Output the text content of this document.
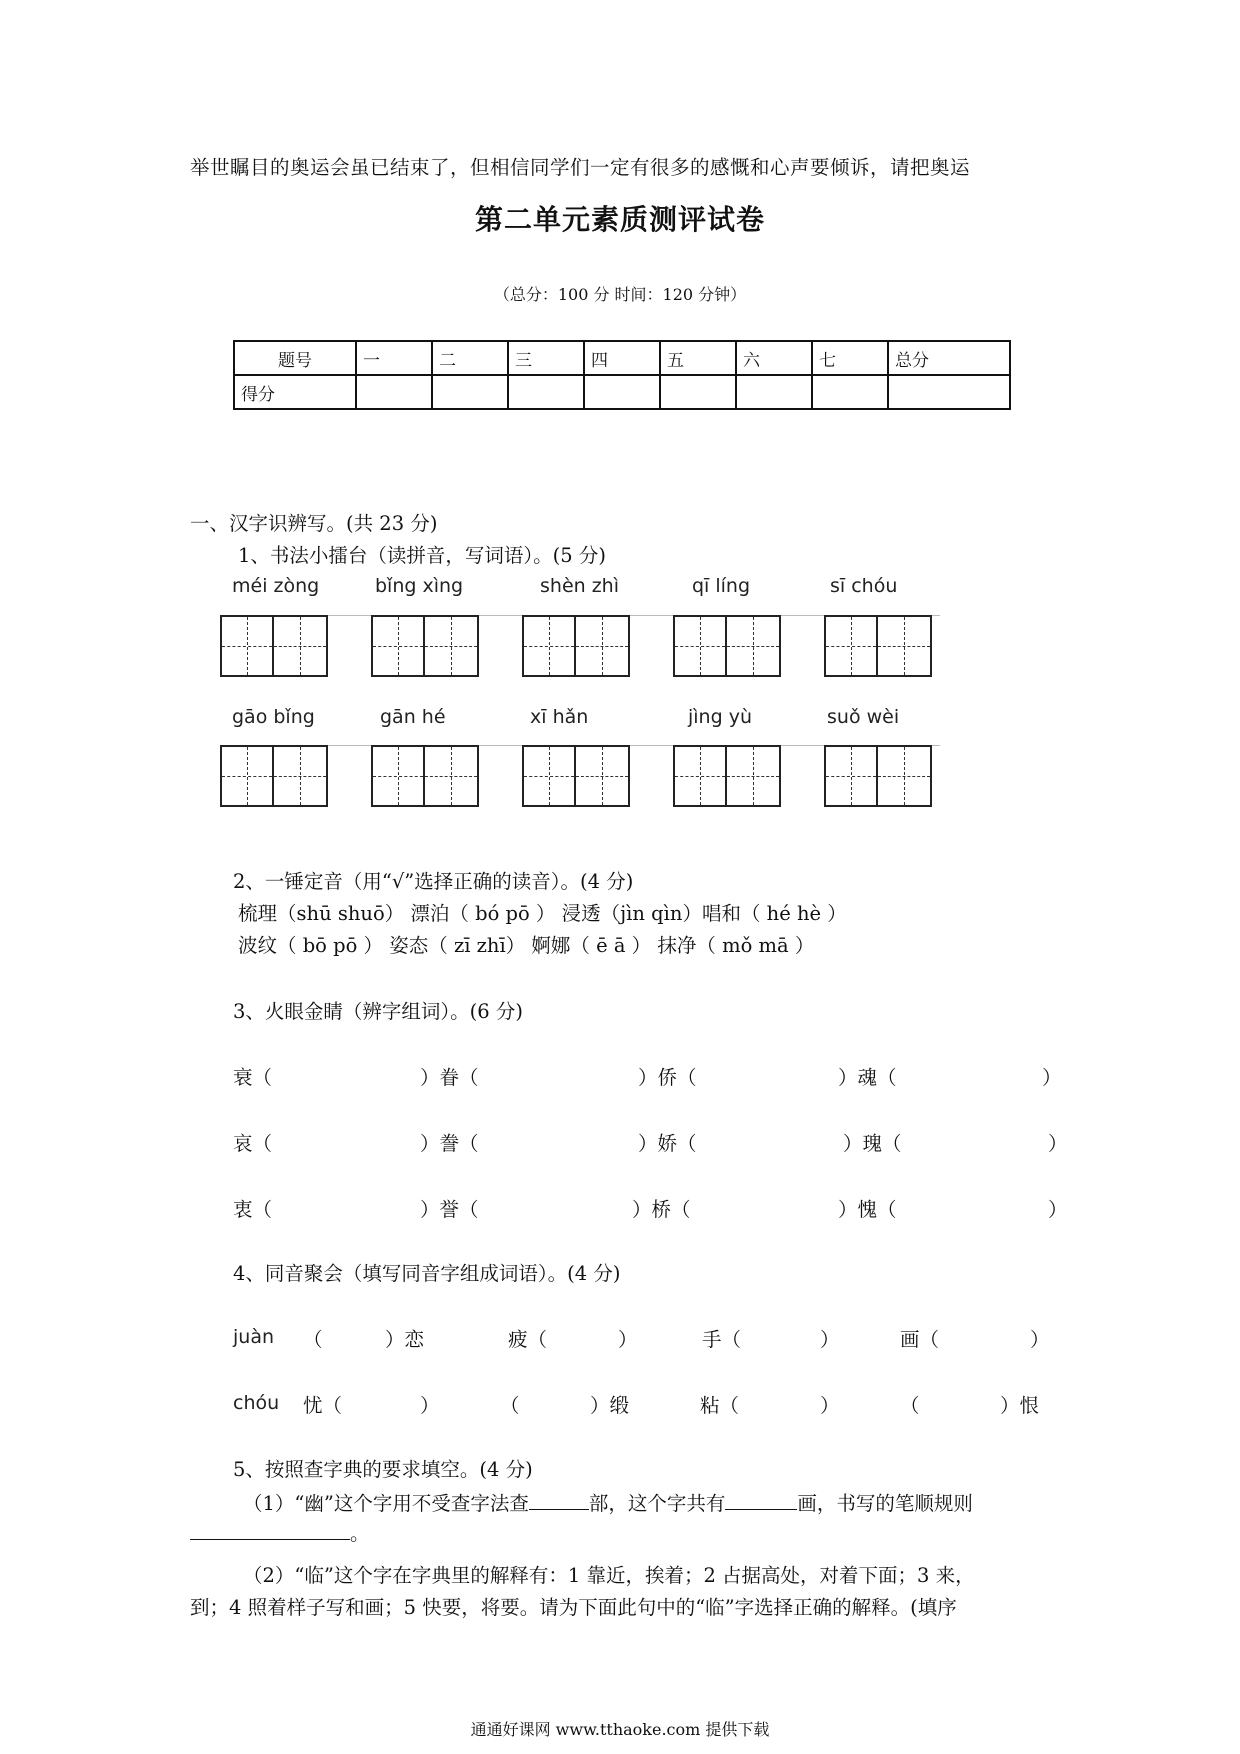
举世瞩目的奥运会虽已结束了，但相信同学们一定有很多的感慨和心声要倾诉，请把奥运
第二单元素质测评试卷
（总分：100 分 时间：120 分钟）
题号	一	二	三	四	五	六	七	总分
得分								
一、汉字识辨写。(共 23 分)
1、书法小擂台（读拼音，写词语）。(5 分)
méi zòng	bǐng xìng	shèn zhì	qī líng	sī chóu
gāo bǐng	gān hé	xī hǎn	jìng yù	suǒ wèi
2、一锤定音（用“√”选择正确的读音）。(4 分)
梳理（shū shuō） 漂泊（ bó pō ） 浸透（jìn qìn）唱和（ hé hè ）
波纹（ bō pō ） 姿态（ zī zhī） 婀娜（ ē ā ） 抹净（ mǒ mā ）
3、火眼金睛（辨字组词）。(6 分)
衰（	）眷（	）侨（	）魂（	）
哀（	）誊（	）娇（	）瑰（	）
衷（	）誉（	）桥（	）愧（	）
4、同音聚会（填写同音字组成词语）。(4 分)
juàn （	）恋	疲（	）	手（	）	画（	）
chóu 忧（	）	（	）缎	粘（	）	（	）恨
5、按照查字典的要求填空。(4 分)
（1）“幽”这个字用不受查字法查	部，这个字共有	画，书写的笔顺规则
。
（2）“临”这个字在字典里的解释有：1 靠近，挨着；2 占据高处，对着下面；3 来，
到；4 照着样子写和画；5 快要，将要。请为下面此句中的“临”字选择正确的解释。(填序
通通好课网 www.tthaoke.com 提供下载
